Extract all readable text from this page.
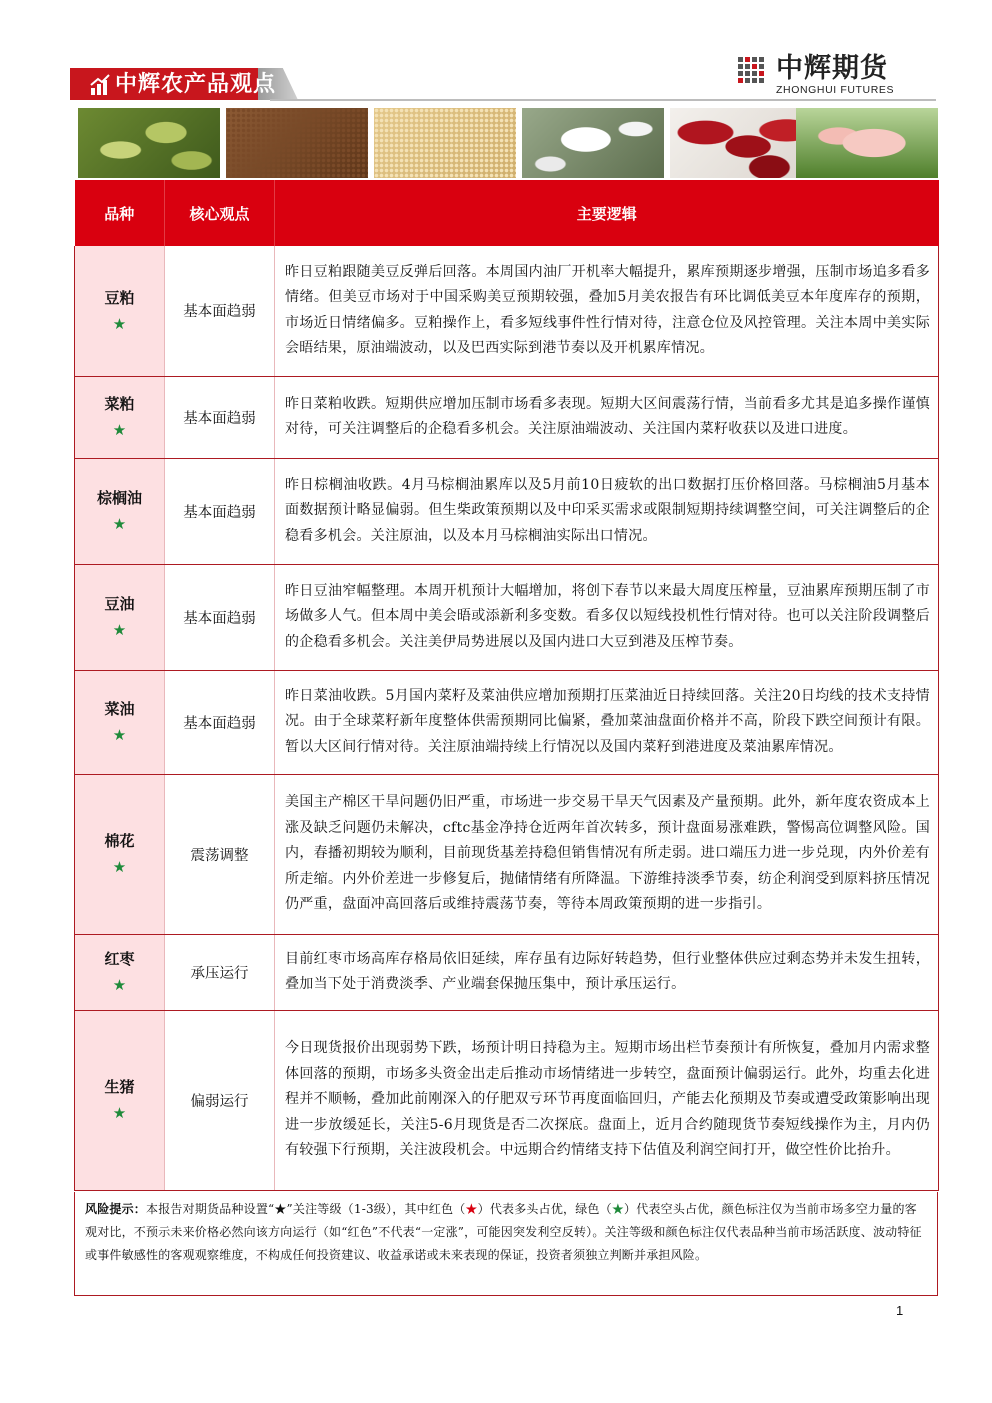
中辉农产品观点
中辉期货
ZHONGHUI FUTURES
品种	核心观点	主要逻辑

豆粕
★	基本面趋弱	昨日豆粕跟随美豆反弹后回落。本周国内油厂开机率大幅提升，累库预期逐步增强，压制市场追多看多情绪。但美豆市场对于中国采购美豆预期较强，叠加5月美农报告有环比调低美豆本年度库存的预期，市场近日情绪偏多。豆粕操作上，看多短线事件性行情对待，注意仓位及风控管理。关注本周中美实际会晤结果，原油端波动，以及巴西实际到港节奏以及开机累库情况。

菜粕
★	基本面趋弱	昨日菜粕收跌。短期供应增加压制市场看多表现。短期大区间震荡行情，当前看多尤其是追多操作谨慎对待，可关注调整后的企稳看多机会。关注原油端波动、关注国内菜籽收获以及进口进度。

棕榈油
★	基本面趋弱	昨日棕榈油收跌。4月马棕榈油累库以及5月前10日疲软的出口数据打压价格回落。马棕榈油5月基本面数据预计略显偏弱。但生柴政策预期以及中印采买需求或限制短期持续调整空间，可关注调整后的企稳看多机会。关注原油，以及本月马棕榈油实际出口情况。

豆油
★	基本面趋弱	昨日豆油窄幅整理。本周开机预计大幅增加，将创下春节以来最大周度压榨量，豆油累库预期压制了市场做多人气。但本周中美会晤或添新利多变数。看多仅以短线投机性行情对待。也可以关注阶段调整后的企稳看多机会。关注美伊局势进展以及国内进口大豆到港及压榨节奏。

菜油
★	基本面趋弱	昨日菜油收跌。5月国内菜籽及菜油供应增加预期打压菜油近日持续回落。关注20日均线的技术支持情况。由于全球菜籽新年度整体供需预期同比偏紧，叠加菜油盘面价格并不高，阶段下跌空间预计有限。暂以大区间行情对待。关注原油端持续上行情况以及国内菜籽到港进度及菜油累库情况。

棉花
★	震荡调整	美国主产棉区干旱问题仍旧严重，市场进一步交易干旱天气因素及产量预期。此外，新年度农资成本上涨及缺乏问题仍未解决，cftc基金净持仓近两年首次转多，预计盘面易涨难跌，警惕高位调整风险。国内，春播初期较为顺利，目前现货基差持稳但销售情况有所走弱。进口端压力进一步兑现，内外价差有所走缩。内外价差进一步修复后，抛储情绪有所降温。下游维持淡季节奏，纺企利润受到原料挤压情况仍严重，盘面冲高回落后或维持震荡节奏，等待本周政策预期的进一步指引。

红枣
★	承压运行	目前红枣市场高库存格局依旧延续，库存虽有边际好转趋势，但行业整体供应过剩态势并未发生扭转，叠加当下处于消费淡季、产业端套保抛压集中，预计承压运行。

生猪
★	偏弱运行	今日现货报价出现弱势下跌，场预计明日持稳为主。短期市场出栏节奏预计有所恢复，叠加月内需求整体回落的预期，市场多头资金出走后推动市场情绪进一步转空，盘面预计偏弱运行。此外，均重去化进程并不顺畅，叠加此前刚深入的仔肥双亏环节再度面临回归，产能去化预期及节奏或遭受政策影响出现进一步放缓延长，关注5-6月现货是否二次探底。盘面上，近月合约随现货节奏短线操作为主，月内仍有较强下行预期，关注波段机会。中远期合约情绪支持下估值及利润空间打开，做空性价比抬升。

风险提示：本报告对期货品种设置“★”关注等级（1-3级），其中红色（★）代表多头占优，绿色（★）代表空头占优，颜色标注仅为当前市场多空力量的客观对比，不预示未来价格必然向该方向运行（如“红色”不代表“一定涨”，可能因突发利空反转）。关注等级和颜色标注仅代表品种当前市场活跃度、波动特征或事件敏感性的客观观察维度，不构成任何投资建议、收益承诺或未来表现的保证，投资者须独立判断并承担风险。

1
